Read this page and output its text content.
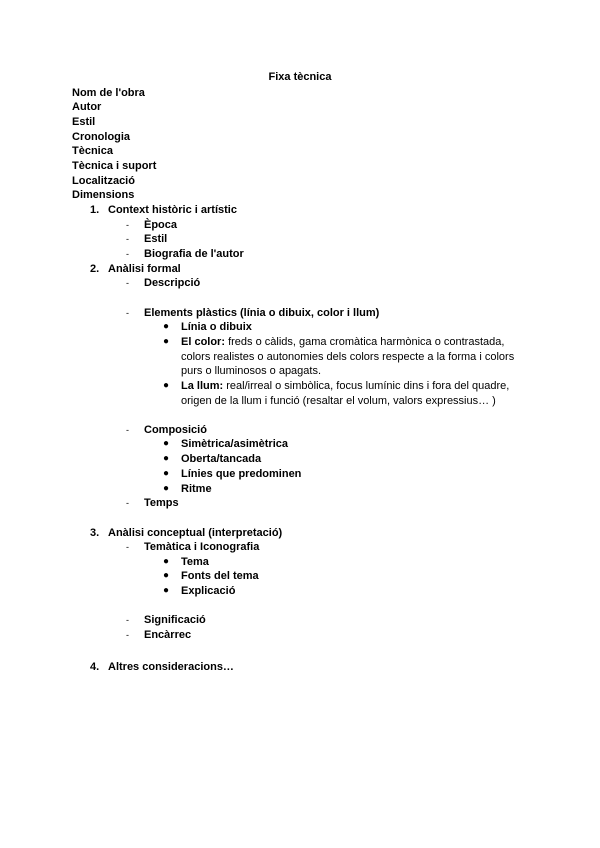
Fixa tècnica
Nom de l'obra
Autor
Estil
Cronologia
Tècnica
Tècnica i suport
Localització
Dimensions
1. Context històric i artístic
- Època
- Estil
- Biografia de l'autor
2. Anàlisi formal
- Descripció
- Elements plàstics (línia o dibuix, color i llum)
● Línia o dibuix
● El color: freds o càlids, gama cromàtica harmònica o contrastada,
colors realistes o autonomies dels colors respecte a la forma i colors
purs o lluminosos o apagats.
● La llum: real/irreal o simbòlica, focus lumínic dins i fora del quadre,
origen de la llum i funció (resaltar el volum, valors expressius… )
- Composició
● Simètrica/asimètrica
● Oberta/tancada
● Línies que predominen
● Ritme
- Temps
3. Anàlisi conceptual (interpretació)
- Temàtica i Iconografia
● Tema
● Fonts del tema
● Explicació
- Significació
- Encàrrec
4. Altres consideracions…
